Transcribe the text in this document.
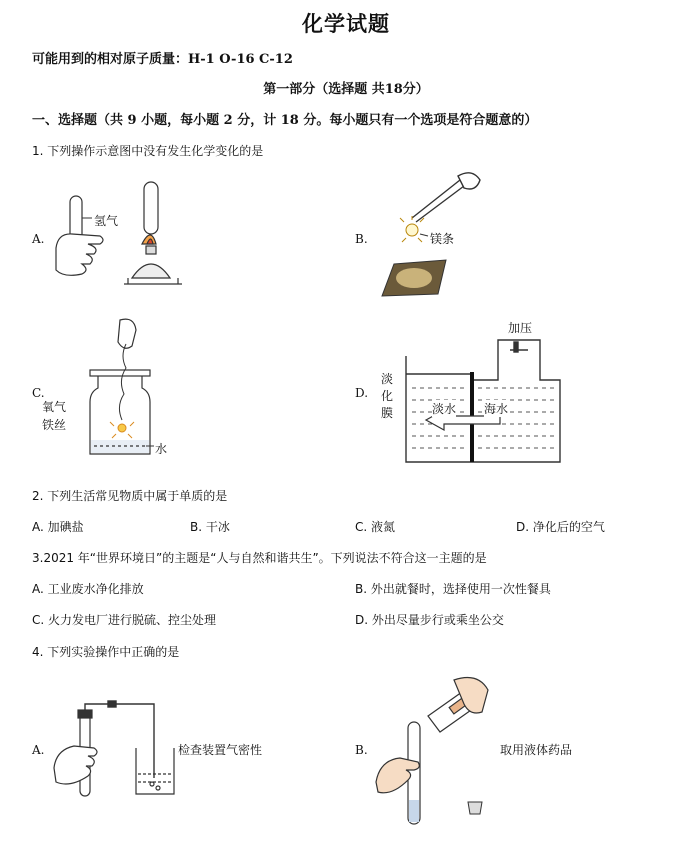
化学试题
可能用到的相对原子质量：H-1 O-16 C-12
第一部分（选择题 共18分）
一、选择题（共 9 小题，每小题 2 分，计 18 分。每小题只有一个选项是符合题意的）
1. 下列操作示意图中没有发生化学变化的是
A.
氢气
B.	镁条
C.
氧气
铁丝
水
D.
加压
淡
化
膜	淡水 海水
2. 下列生活常见物质中属于单质的是
A. 加碘盐	B. 干冰	C. 液氮	D. 净化后的空气
3.2021 年“世界环境日”的主题是“人与自然和谐共生”。下列说法不符合这一主题的是
A. 工业废水净化排放	B. 外出就餐时，选择使用一次性餐具
C. 火力发电厂进行脱硫、控尘处理	D. 外出尽量步行或乘坐公交
4. 下列实验操作中正确的是
A.	检查装置气密性	B.	取用液体药品
